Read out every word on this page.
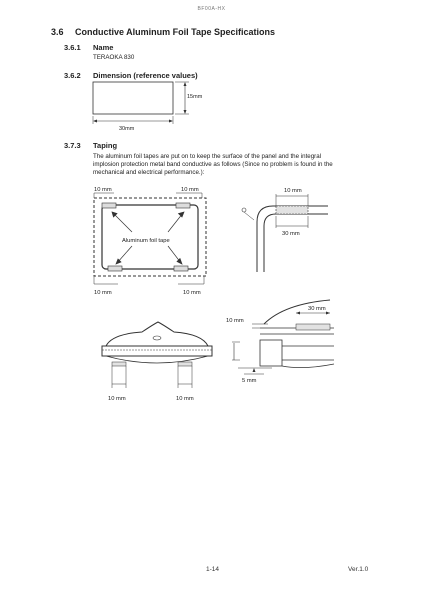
BF00A-HX
3.6 Conductive Aluminum Foil Tape Specifications
3.6.1 Name
TERAOKA 830
3.6.2 Dimension (reference values)
15mm
30mm
3.7.3 Taping
The aluminum foil tapes are put on to keep the surface of the panel and the integral
implosion protection metal band conductive as follows (Since no problem is found in the
mechanical and electrical performance.):
Aluminum foil tape
10 mm	10 mm
10 mm	10 mm
10 mm
30 mm
30 mm
10 mm
5 mm
10 mm	10 mm
1-14	Ver.1.0
